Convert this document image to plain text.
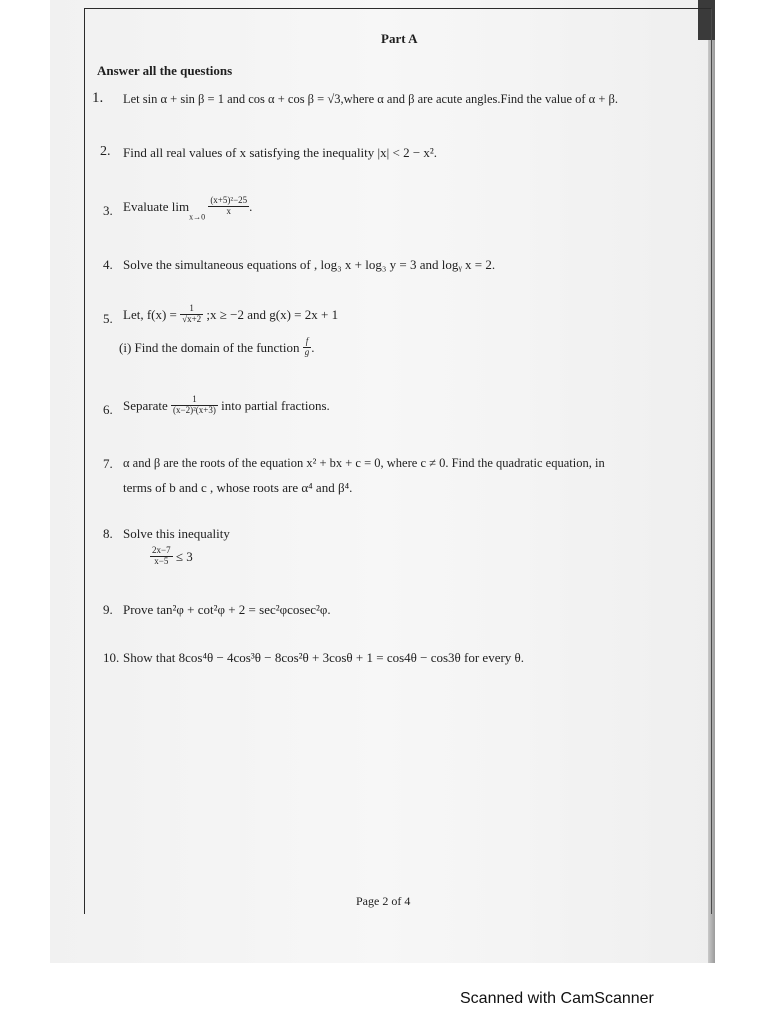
Part A
Answer all the questions
1. Let sin α + sin β = 1 and cos α + cos β = √3,where α and β are acute angles.Find the value of α + β.
2. Find all real values of x satisfying the inequality |x| < 2 − x².
3. Evaluate $\lim_{x\to 0}$
$\frac{\text{(x+5)²−25}}{x}$ .
4. Solve the simultaneous equations of , log₃ x + log₃ y = 3 and logᵧ x = 2.
5. Let, $f(x) = \frac{1}{√x+2}$ ;x ≥ −2 and g(x) = 2x + 1
(i) Find the domain of the function $\frac{f}{g}$ .
6. Separate $\frac{1}{\text{(x−2)²(x+3)}}$ into partial fractions.
7. α and β are the roots of the equation x² + bx + c = 0, where c ≠ 0. Find the quadratic equation, in
terms of b and c , whose roots are α⁴ and β⁴.
8. Solve this inequality
$\frac{2x-7}{x-5} \le 3$
9. Prove tan²φ + cot²φ + 2 = sec²φcosec²φ.
10. Show that 8cos⁴θ − 4cos³θ − 8cos²θ + 3cosθ + 1 = cos4θ − cos3θ for every θ.
Page 2 of 4
Scanned with CamScanner
